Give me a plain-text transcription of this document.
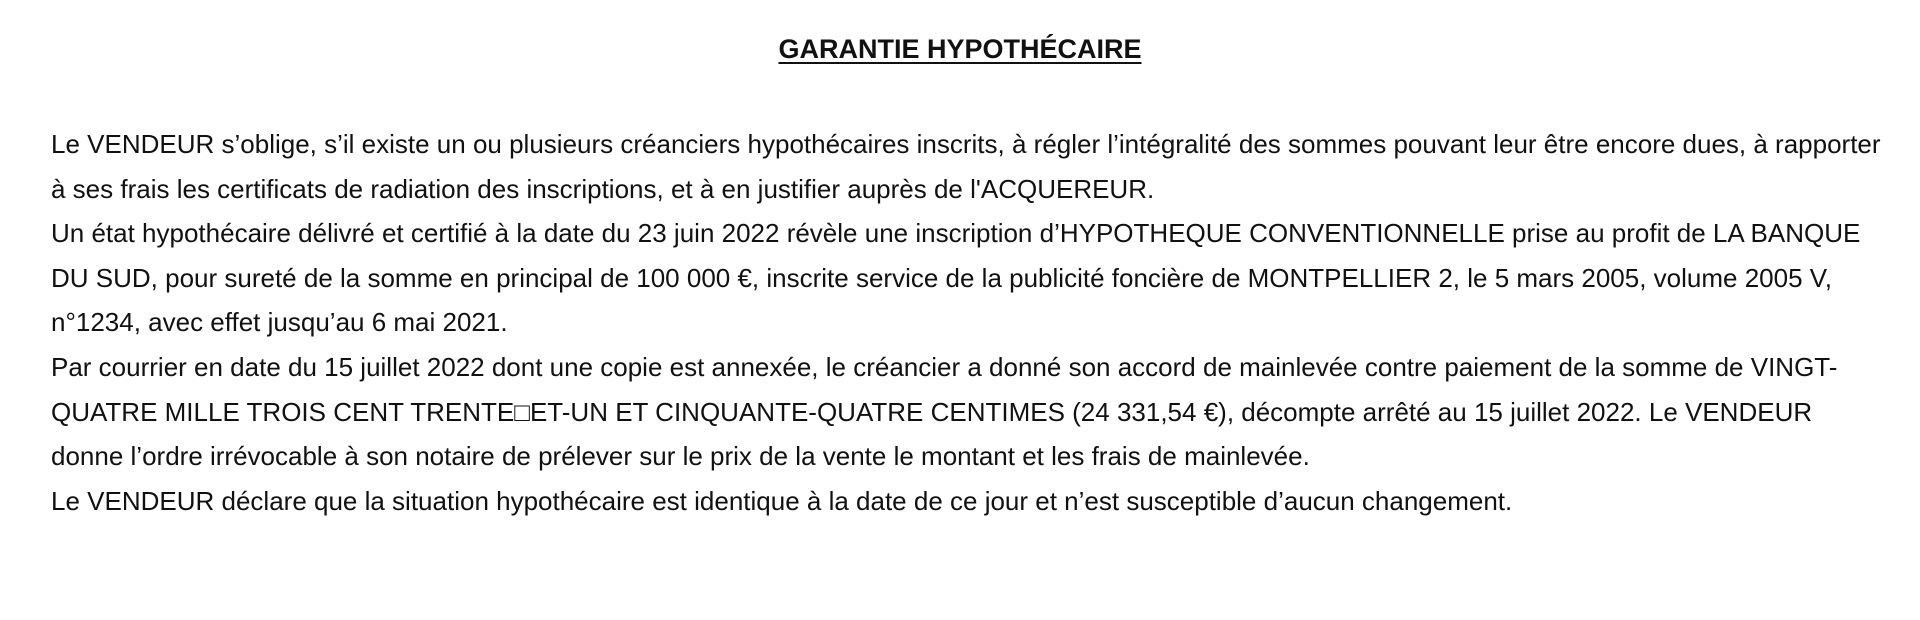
GARANTIE HYPOTHÉCAIRE

Le VENDEUR s’oblige, s’il existe un ou plusieurs créanciers hypothécaires inscrits, à régler l’intégralité des sommes pouvant leur être encore dues, à rapporter à ses frais les certificats de radiation des inscriptions, et à en justifier auprès de l'ACQUEREUR.

Un état hypothécaire délivré et certifié à la date du 23 juin 2022 révèle une inscription d’HYPOTHEQUE CONVENTIONNELLE prise au profit de LA BANQUE DU SUD, pour sureté de la somme en principal de 100 000 €, inscrite service de la publicité foncière de MONTPELLIER 2, le 5 mars 2005, volume 2005 V, n°1234, avec effet jusqu’au 6 mai 2021.

Par courrier en date du 15 juillet 2022 dont une copie est annexée, le créancier a donné son accord de mainlevée contre paiement de la somme de VINGT-QUATRE MILLE TROIS CENT TRENTE□ET-UN ET CINQUANTE-QUATRE CENTIMES (24 331,54 €), décompte arrêté au 15 juillet 2022. Le VENDEUR donne l’ordre irrévocable à son notaire de prélever sur le prix de la vente le montant et les frais de mainlevée.

Le VENDEUR déclare que la situation hypothécaire est identique à la date de ce jour et n’est susceptible d’aucun changement.
